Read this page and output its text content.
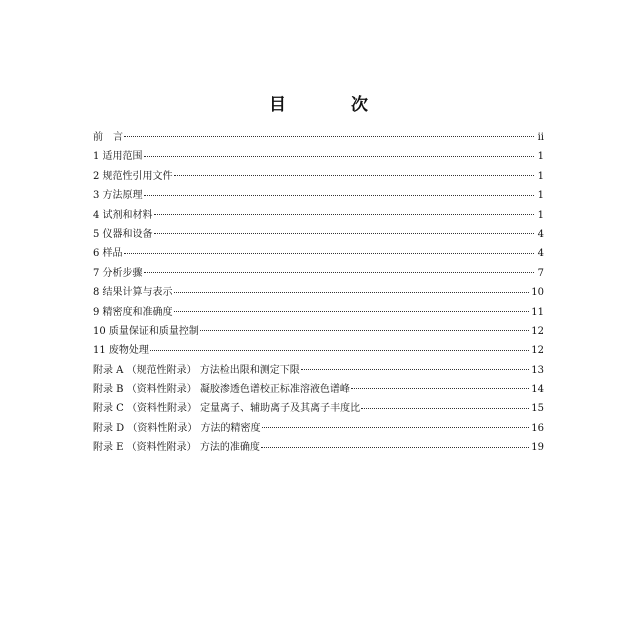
目　次
前　言	ii
1 适用范围	1
2 规范性引用文件	1
3 方法原理	1
4 试剂和材料	1
5 仪器和设备	4
6 样品	4
7 分析步骤	7
8 结果计算与表示	10
9 精密度和准确度	11
10 质量保证和质量控制	12
11 废物处理	12
附录 A （规范性附录） 方法检出限和测定下限	13
附录 B （资料性附录） 凝胶渗透色谱校正标准溶液色谱峰	14
附录 C （资料性附录） 定量离子、辅助离子及其离子丰度比	15
附录 D （资料性附录） 方法的精密度	16
附录 E （资料性附录） 方法的准确度	19
